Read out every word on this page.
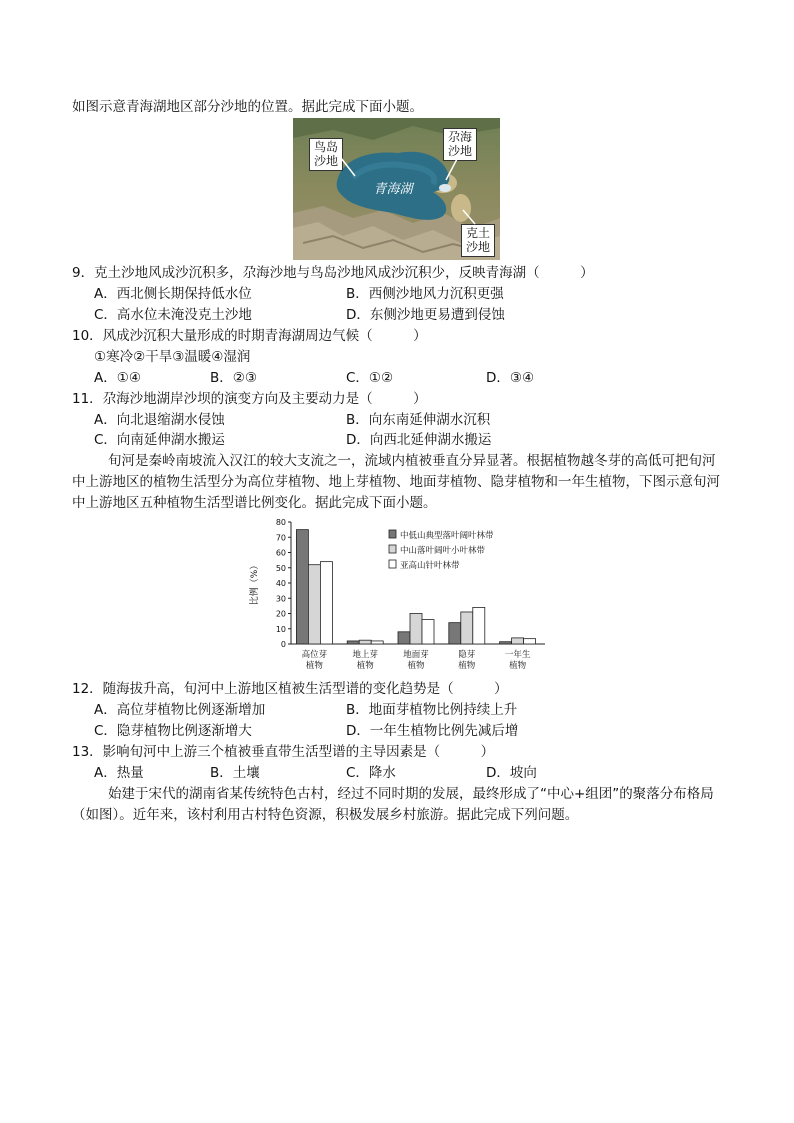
如图示意青海湖地区部分沙地的位置。据此完成下面小题。
青海湖
鸟岛沙地
尕海沙地
克土沙地
9．克土沙地风成沙沉积多，尕海沙地与鸟岛沙地风成沙沉积少，反映青海湖（　　　）
A．西北侧长期保持低水位	B．西侧沙地风力沉积更强
C．高水位未淹没克土沙地	D．东侧沙地更易遭到侵蚀
10．风成沙沉积大量形成的时期青海湖周边气候（　　　）
①寒冷②干旱③温暖④湿润
A．①④	B．②③	C．①②	D．③④
11．尕海沙地湖岸沙坝的演变方向及主要动力是（　　　）
A．向北退缩湖水侵蚀	B．向东南延伸湖水沉积
C．向南延伸湖水搬运	D．向西北延伸湖水搬运
旬河是秦岭南坡流入汉江的较大支流之一，流域内植被垂直分异显著。根据植物越冬芽的高低可把旬河中上游地区的植物生活型分为高位芽植物、地上芽植物、地面芽植物、隐芽植物和一年生植物，下图示意旬河中上游地区五种植物生活型谱比例变化。据此完成下面小题。
0
10
20
30
40
50
60
70
80
比例（%）
高位芽
植物
地上芽
植物
地面芽
植物
隐芽
植物
一年生
植物
中低山典型落叶阔叶林带
中山落叶阔叶小叶林带
亚高山针叶林带
12．随海拔升高，旬河中上游地区植被生活型谱的变化趋势是（　　　）
A．高位芽植物比例逐渐增加	B．地面芽植物比例持续上升
C．隐芽植物比例逐渐增大	D．一年生植物比例先减后增
13．影响旬河中上游三个植被垂直带生活型谱的主导因素是（　　　）
A．热量	B．土壤	C．降水	D．坡向
始建于宋代的湖南省某传统特色古村，经过不同时期的发展，最终形成了“中心+组团”的聚落分布格局（如图）。近年来，该村利用古村特色资源，积极发展乡村旅游。据此完成下列问题。
